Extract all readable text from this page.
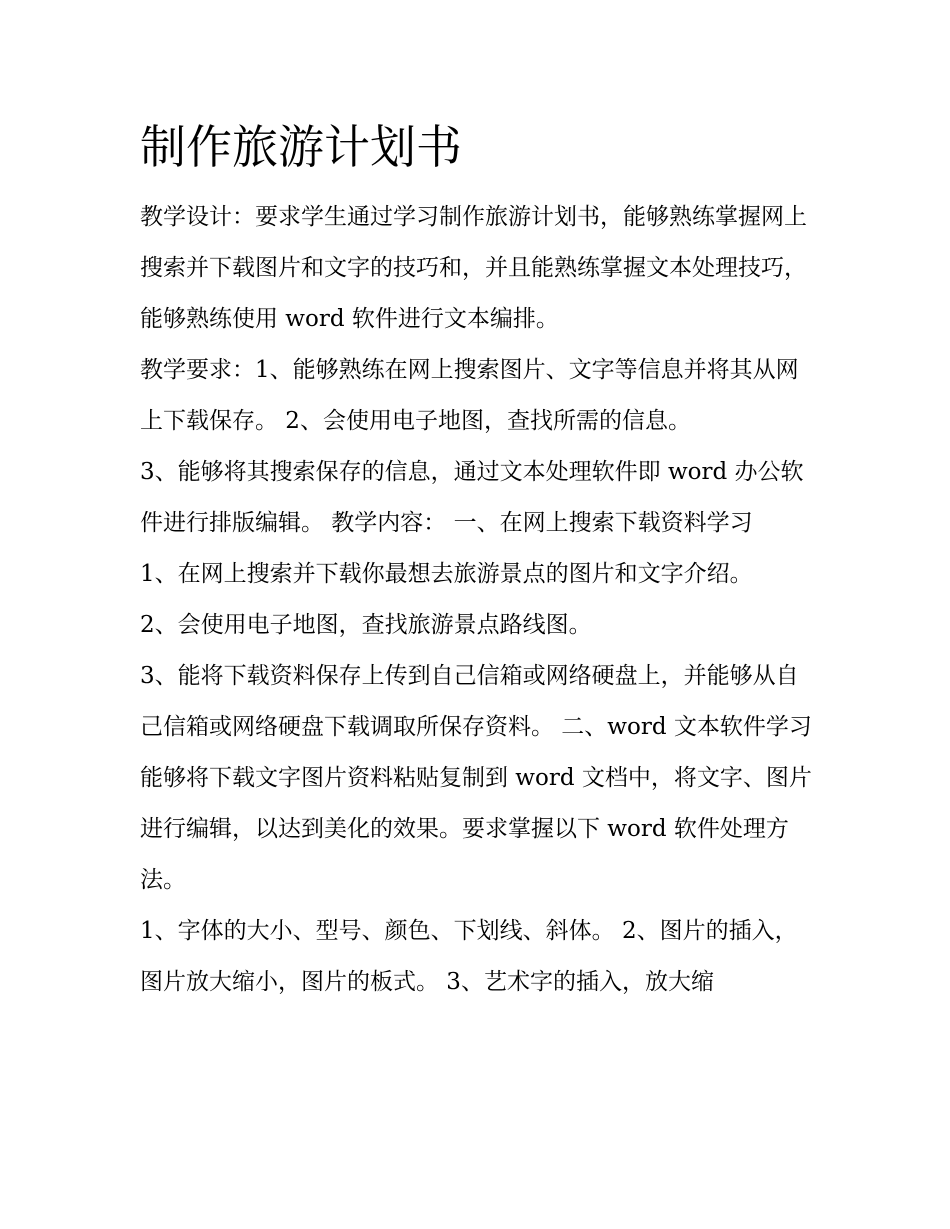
制作旅游计划书

教学设计：要求学生通过学习制作旅游计划书，能够熟练掌握网上搜索并下载图片和文字的技巧和，并且能熟练掌握文本处理技巧，能够熟练使用 word 软件进行文本编排。

教学要求：1、能够熟练在网上搜索图片、文字等信息并将其从网上下载保存。 2、会使用电子地图，查找所需的信息。

3、能够将其搜索保存的信息，通过文本处理软件即 word 办公软件进行排版编辑。 教学内容： 一、在网上搜索下载资料学习

1、在网上搜索并下载你最想去旅游景点的图片和文字介绍。

2、会使用电子地图，查找旅游景点路线图。

3、能将下载资料保存上传到自己信箱或网络硬盘上，并能够从自己信箱或网络硬盘下载调取所保存资料。 二、word 文本软件学习

能够将下载文字图片资料粘贴复制到 word 文档中，将文字、图片进行编辑，以达到美化的效果。要求掌握以下 word 软件处理方法。

1、字体的大小、型号、颜色、下划线、斜体。 2、图片的插入，图片放大缩小，图片的板式。 3、艺术字的插入，放大缩
